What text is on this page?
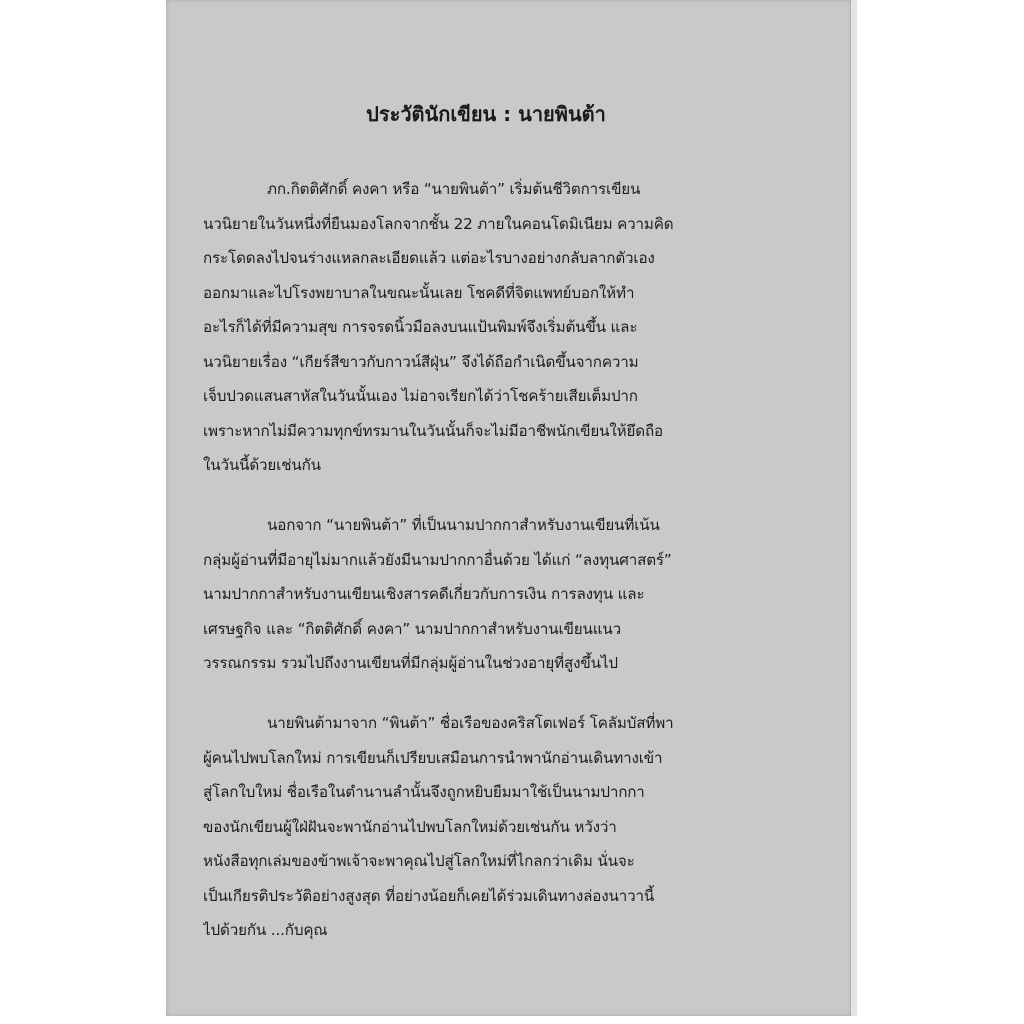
ประวัตินักเขียน : นายพินต้า
ภก.กิตติศักดิ์ คงคา หรือ “นายพินต้า” เริ่มต้นชีวิตการเขียน
นวนิยายในวันหนึ่งที่ยืนมองโลกจากชั้น 22 ภายในคอนโดมิเนียม ความคิด
กระโดดลงไปจนร่างแหลกละเอียดแล้ว แต่อะไรบางอย่างกลับลากตัวเอง
ออกมาและไปโรงพยาบาลในขณะนั้นเลย โชคดีที่จิตแพทย์บอกให้ทำ
อะไรก็ได้ที่มีความสุข การจรดนิ้วมือลงบนแป้นพิมพ์จึงเริ่มต้นขึ้น และ
นวนิยายเรื่อง “เกียร์สีขาวกับกาวน์สีฝุ่น” จึงได้ถือกำเนิดขึ้นจากความ
เจ็บปวดแสนสาหัสในวันนั้นเอง ไม่อาจเรียกได้ว่าโชคร้ายเสียเต็มปาก
เพราะหากไม่มีความทุกข์ทรมานในวันนั้นก็จะไม่มีอาชีพนักเขียนให้ยึดถือ
ในวันนี้ด้วยเช่นกัน
นอกจาก “นายพินต้า” ที่เป็นนามปากกาสำหรับงานเขียนที่เน้น
กลุ่มผู้อ่านที่มีอายุไม่มากแล้วยังมีนามปากกาอื่นด้วย ได้แก่ “ลงทุนศาสตร์”
นามปากกาสำหรับงานเขียนเชิงสารคดีเกี่ยวกับการเงิน การลงทุน และ
เศรษฐกิจ และ “กิตติศักดิ์ คงคา” นามปากกาสำหรับงานเขียนแนว
วรรณกรรม รวมไปถึงงานเขียนที่มีกลุ่มผู้อ่านในช่วงอายุที่สูงขึ้นไป
นายพินต้ามาจาก “พินต้า” ชื่อเรือของคริสโตเฟอร์ โคลัมบัสที่พา
ผู้คนไปพบโลกใหม่ การเขียนก็เปรียบเสมือนการนำพานักอ่านเดินทางเข้า
สู่โลกใบใหม่ ชื่อเรือในตำนานลำนั้นจึงถูกหยิบยืมมาใช้เป็นนามปากกา
ของนักเขียนผู้ใฝ่ฝันจะพานักอ่านไปพบโลกใหม่ด้วยเช่นกัน หวังว่า
หนังสือทุกเล่มของข้าพเจ้าจะพาคุณไปสู่โลกใหม่ที่ไกลกว่าเดิม นั่นจะ
เป็นเกียรติประวัติอย่างสูงสุด ที่อย่างน้อยก็เคยได้ร่วมเดินทางล่องนาวานี้
ไปด้วยกัน ...กับคุณ
